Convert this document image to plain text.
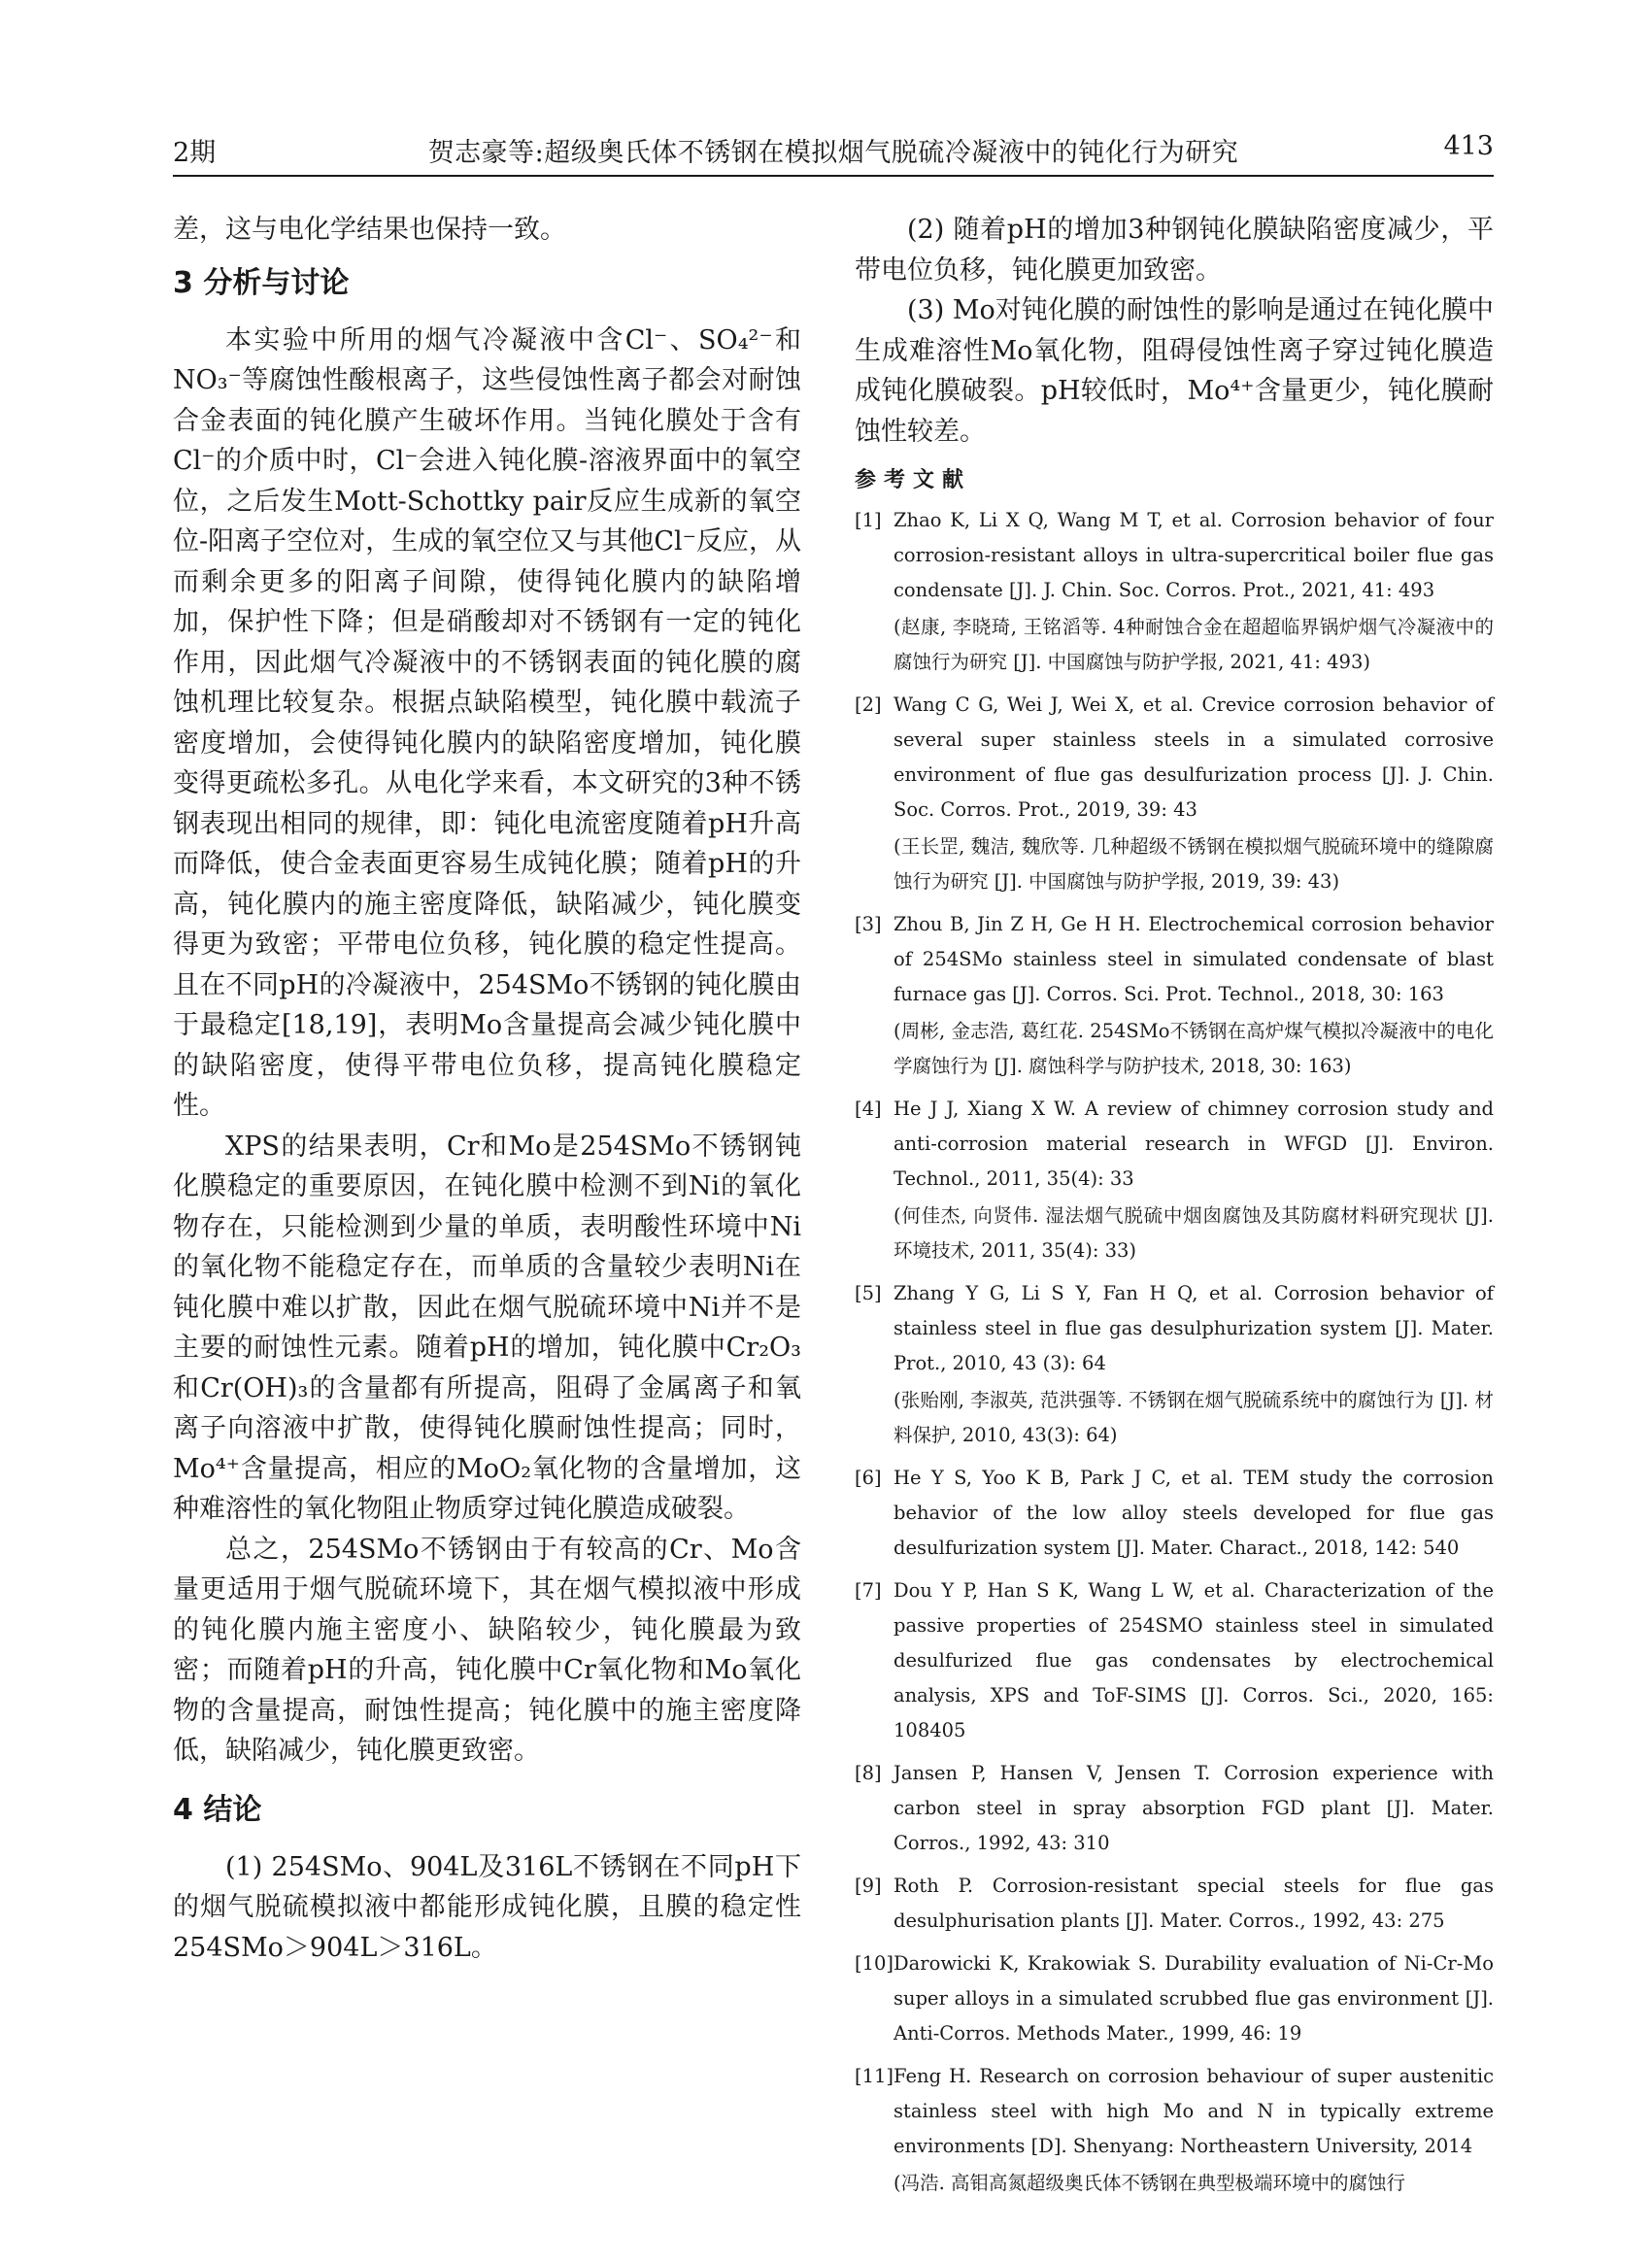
2期	贺志豪等:超级奥氏体不锈钢在模拟烟气脱硫冷凝液中的钝化行为研究	413

差，这与电化学结果也保持一致。

3 分析与讨论

本实验中所用的烟气冷凝液中含Cl⁻、SO₄²⁻和NO₃⁻等腐蚀性酸根离子，这些侵蚀性离子都会对耐蚀合金表面的钝化膜产生破坏作用。当钝化膜处于含有Cl⁻的介质中时，Cl⁻会进入钝化膜-溶液界面中的氧空位，之后发生Mott-Schottky pair反应生成新的氧空位-阳离子空位对，生成的氧空位又与其他Cl⁻反应，从而剩余更多的阳离子间隙，使得钝化膜内的缺陷增加，保护性下降；但是硝酸却对不锈钢有一定的钝化作用，因此烟气冷凝液中的不锈钢表面的钝化膜的腐蚀机理比较复杂。根据点缺陷模型，钝化膜中载流子密度增加，会使得钝化膜内的缺陷密度增加，钝化膜变得更疏松多孔。从电化学来看，本文研究的3种不锈钢表现出相同的规律，即：钝化电流密度随着pH升高而降低，使合金表面更容易生成钝化膜；随着pH的升高，钝化膜内的施主密度降低，缺陷减少，钝化膜变得更为致密；平带电位负移，钝化膜的稳定性提高。且在不同pH的冷凝液中，254SMo不锈钢的钝化膜由于最稳定[18,19]，表明Mo含量提高会减少钝化膜中的缺陷密度，使得平带电位负移，提高钝化膜稳定性。

XPS的结果表明，Cr和Mo是254SMo不锈钢钝化膜稳定的重要原因，在钝化膜中检测不到Ni的氧化物存在，只能检测到少量的单质，表明酸性环境中Ni的氧化物不能稳定存在，而单质的含量较少表明Ni在钝化膜中难以扩散，因此在烟气脱硫环境中Ni并不是主要的耐蚀性元素。随着pH的增加，钝化膜中Cr₂O₃和Cr(OH)₃的含量都有所提高，阻碍了金属离子和氧离子向溶液中扩散，使得钝化膜耐蚀性提高；同时，Mo⁴⁺含量提高，相应的MoO₂氧化物的含量增加，这种难溶性的氧化物阻止物质穿过钝化膜造成破裂。

总之，254SMo不锈钢由于有较高的Cr、Mo含量更适用于烟气脱硫环境下，其在烟气模拟液中形成的钝化膜内施主密度小、缺陷较少，钝化膜最为致密；而随着pH的升高，钝化膜中Cr氧化物和Mo氧化物的含量提高，耐蚀性提高；钝化膜中的施主密度降低，缺陷减少，钝化膜更致密。

4 结论

(1) 254SMo、904L及316L不锈钢在不同pH下的烟气脱硫模拟液中都能形成钝化膜，且膜的稳定性254SMo＞904L＞316L。

(2) 随着pH的增加3种钢钝化膜缺陷密度减少，平带电位负移，钝化膜更加致密。

(3) Mo对钝化膜的耐蚀性的影响是通过在钝化膜中生成难溶性Mo氧化物，阻碍侵蚀性离子穿过钝化膜造成钝化膜破裂。pH较低时，Mo⁴⁺含量更少，钝化膜耐蚀性较差。

参考文献
[1] Zhao K, Li X Q, Wang M T, et al. Corrosion behavior of four corrosion-resistant alloys in ultra-supercritical boiler flue gas condensate [J]. J. Chin. Soc. Corros. Prot., 2021, 41: 493
(赵康, 李晓琦, 王铭滔等. 4种耐蚀合金在超超临界锅炉烟气冷凝液中的腐蚀行为研究 [J]. 中国腐蚀与防护学报, 2021, 41: 493)
[2] Wang C G, Wei J, Wei X, et al. Crevice corrosion behavior of several super stainless steels in a simulated corrosive environment of flue gas desulfurization process [J]. J. Chin. Soc. Corros. Prot., 2019, 39: 43
(王长罡, 魏洁, 魏欣等. 几种超级不锈钢在模拟烟气脱硫环境中的缝隙腐蚀行为研究 [J]. 中国腐蚀与防护学报, 2019, 39: 43)
[3] Zhou B, Jin Z H, Ge H H. Electrochemical corrosion behavior of 254SMo stainless steel in simulated condensate of blast furnace gas [J]. Corros. Sci. Prot. Technol., 2018, 30: 163
(周彬, 金志浩, 葛红花. 254SMo不锈钢在高炉煤气模拟冷凝液中的电化学腐蚀行为 [J]. 腐蚀科学与防护技术, 2018, 30: 163)
[4] He J J, Xiang X W. A review of chimney corrosion study and anti-corrosion material research in WFGD [J]. Environ. Technol., 2011, 35(4): 33
(何佳杰, 向贤伟. 湿法烟气脱硫中烟囱腐蚀及其防腐材料研究现状 [J]. 环境技术, 2011, 35(4): 33)
[5] Zhang Y G, Li S Y, Fan H Q, et al. Corrosion behavior of stainless steel in flue gas desulphurization system [J]. Mater. Prot., 2010, 43 (3): 64
(张贻刚, 李淑英, 范洪强等. 不锈钢在烟气脱硫系统中的腐蚀行为 [J]. 材料保护, 2010, 43(3): 64)
[6] He Y S, Yoo K B, Park J C, et al. TEM study the corrosion behavior of the low alloy steels developed for flue gas desulfurization system [J]. Mater. Charact., 2018, 142: 540
[7] Dou Y P, Han S K, Wang L W, et al. Characterization of the passive properties of 254SMO stainless steel in simulated desulfurized flue gas condensates by electrochemical analysis, XPS and ToF-SIMS [J]. Corros. Sci., 2020, 165: 108405
[8] Jansen P, Hansen V, Jensen T. Corrosion experience with carbon steel in spray absorption FGD plant [J]. Mater. Corros., 1992, 43: 310
[9] Roth P. Corrosion-resistant special steels for flue gas desulphurisation plants [J]. Mater. Corros., 1992, 43: 275
[10] Darowicki K, Krakowiak S. Durability evaluation of Ni-Cr-Mo super alloys in a simulated scrubbed flue gas environment [J]. Anti-Corros. Methods Mater., 1999, 46: 19
[11] Feng H. Research on corrosion behaviour of super austenitic stainless steel with high Mo and N in typically extreme environments [D]. Shenyang: Northeastern University, 2014
(冯浩. 高钼高氮超级奥氏体不锈钢在典型极端环境中的腐蚀行
